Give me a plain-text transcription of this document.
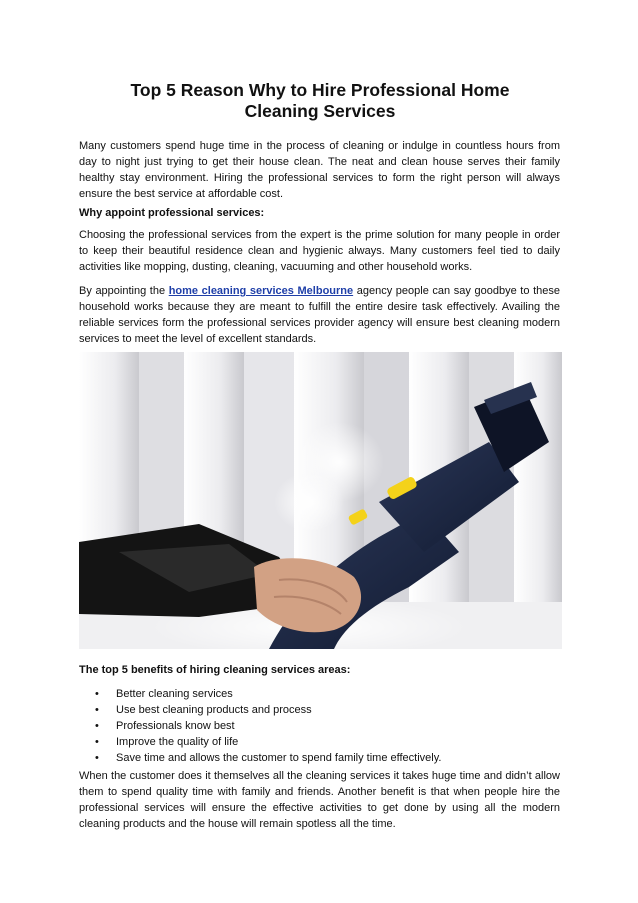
Top 5 Reason Why to Hire Professional Home
Cleaning Services

Many customers spend huge time in the process of cleaning or indulge in countless hours from day to night just trying to get their house clean. The neat and clean house serves their family healthy stay environment. Hiring the professional services to form the right person will always ensure the best service at affordable cost.

Why appoint professional services:

Choosing the professional services from the expert is the prime solution for many people in order to keep their beautiful residence clean and hygienic always. Many customers feel tied to daily activities like mopping, dusting, cleaning, vacuuming and other household works.

By appointing the home cleaning services Melbourne agency people can say goodbye to these household works because they are meant to fulfill the entire desire task effectively. Availing the reliable services form the professional services provider agency will ensure best cleaning modern services to meet the level of excellent standards.

The top 5 benefits of hiring cleaning services areas:

• Better cleaning services
• Use best cleaning products and process
• Professionals know best
• Improve the quality of life
• Save time and allows the customer to spend family time effectively.

When the customer does it themselves all the cleaning services it takes huge time and didn’t allow them to spend quality time with family and friends. Another benefit is that when people hire the professional services will ensure the effective activities to get done by using all the modern cleaning products and the house will remain spotless all the time.
